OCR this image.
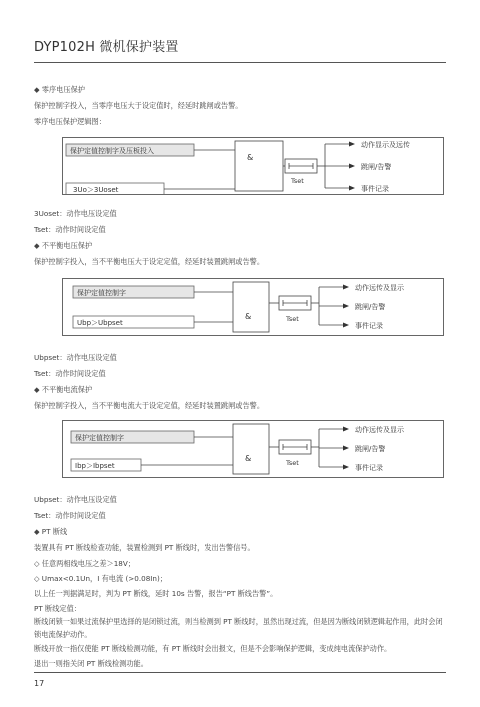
DYP102H 微机保护装置
◆ 零序电压保护
保护控制字投入，当零序电压大于设定值时，经延时跳闸或告警。
零序电压保护逻辑图：
保护定值控制字及压板投入
3Uo＞3Uoset
&
Tset
动作显示及远传
跳闸/告警
事件记录
3Uoset：动作电压设定值
Tset：动作时间设定值
◆ 不平衡电压保护
保护控制字投入，当不平衡电压大于设定定值，经延时装置跳闸或告警。
保护定值控制字
Ubp＞Ubpset
&	Tset
动作远传及显示
跳闸/告警
事件记录
Ubpset：动作电压设定值
Tset：动作时间设定值
◆ 不平衡电流保护
保护控制字投入，当不平衡电流大于设定定值，经延时装置跳闸或告警。
保护定值控制字
Ibp＞Ibpset
&	Tset
动作远传及显示
跳闸/告警
事件记录
Ubpset：动作电压设定值
Tset：动作时间设定值
◆ PT 断线
装置具有 PT 断线检查功能，装置检测到 PT 断线时，发出告警信号。
◇ 任意两相线电压之差＞18V；
◇ Umax<0.1Un，I 有电流 (>0.08In)；
以上任一判据满足时，判为 PT 断线，延时 10s 告警，报告“PT 断线告警”。
PT 断线定值：
断线闭锁一如果过流保护里选择的是闭锁过流，则当检测到 PT 断线时，虽然出现过流，但是因为断线闭锁逻辑起作用，此时会闭锁电流保护动作。
断线开放一指仅使能 PT 断线检测功能，有 PT 断线时会出报文，但是不会影响保护逻辑，变成纯电流保护动作。
退出一则指关闭 PT 断线检测功能。
17
